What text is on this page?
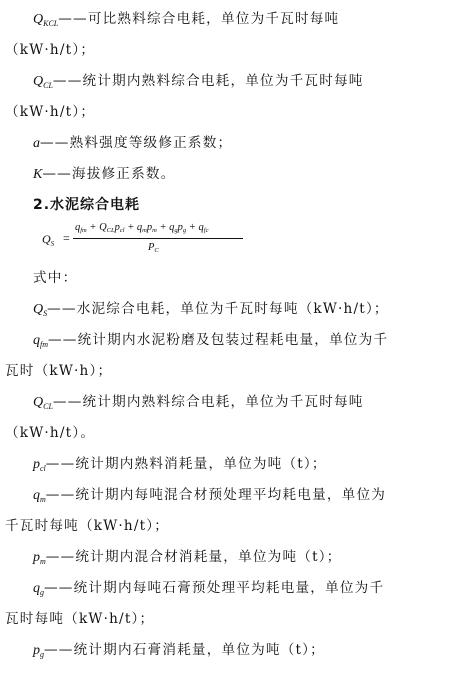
$Q_{KCL}——$可比熟料综合电耗，单位为千瓦时每吨
（kW·h/t）；
$Q_{CL}——$统计期内熟料综合电耗，单位为千瓦时每吨
（kW·h/t）；
a——熟料强度等级修正系数；
K——海拔修正系数。
2.水泥综合电耗
$Q_S$ =
$q_{fm} + Q_{CL}p_{cl} + q_mp_m + q_gp_g + q_{fc}$
$P_C$
式中：
$Q_S——$水泥综合电耗，单位为千瓦时每吨（kW·h/t）；
$q_{fm}——$统计期内水泥粉磨及包装过程耗电量，单位为千
瓦时（kW·h）；
$Q_{CL}——$统计期内熟料综合电耗，单位为千瓦时每吨
（kW·h/t）。
$p_{cl}——$统计期内熟料消耗量，单位为吨（t）；
$q_m——$统计期内每吨混合材预处理平均耗电量，单位为
千瓦时每吨（kW·h/t）；
$p_m——$统计期内混合材消耗量，单位为吨（t）；
$q_g——$统计期内每吨石膏预处理平均耗电量，单位为千
瓦时每吨（kW·h/t）；
$p_g——$统计期内石膏消耗量，单位为吨（t）；
